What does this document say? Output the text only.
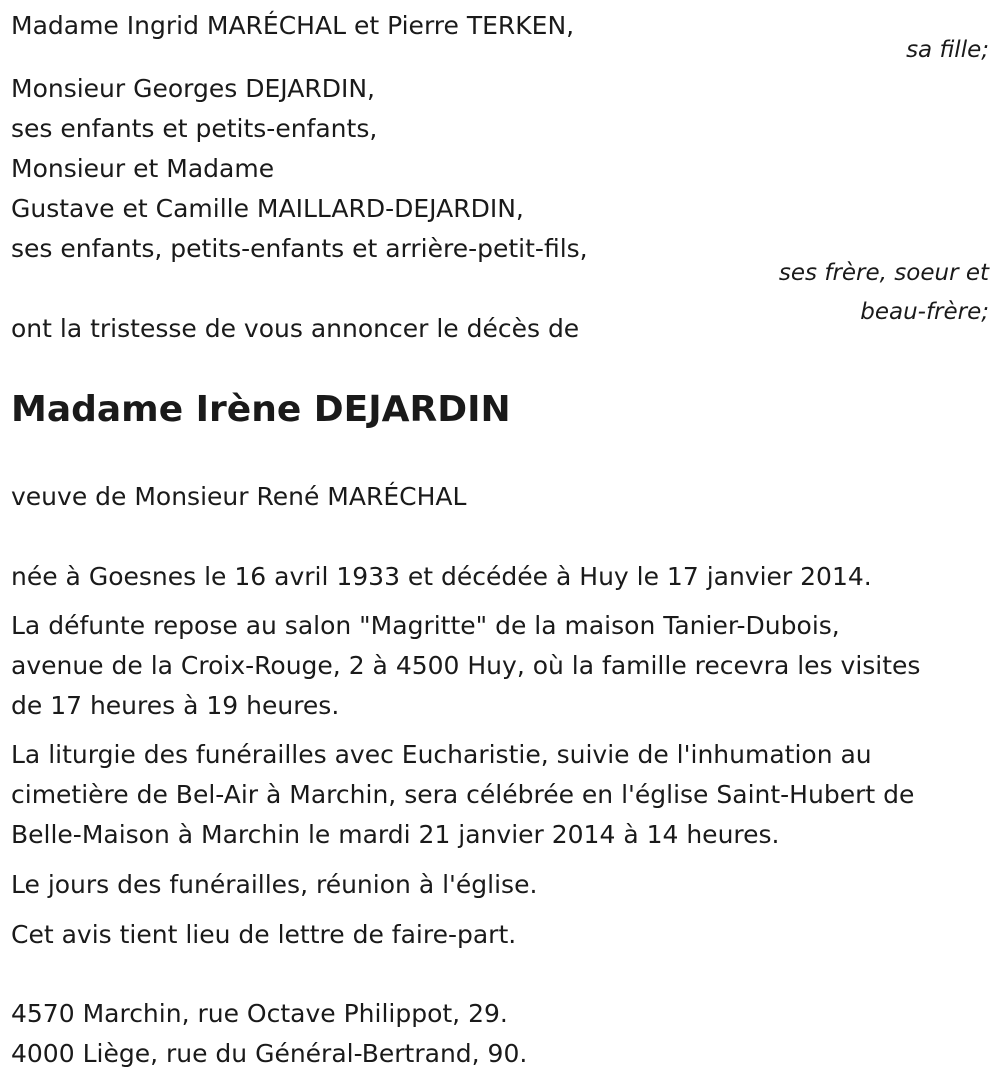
Madame Ingrid MARÉCHAL et Pierre TERKEN,
sa fille;
Monsieur Georges DEJARDIN,
ses enfants et petits-enfants,
Monsieur et Madame
Gustave et Camille MAILLARD-DEJARDIN,
ses enfants, petits-enfants et arrière-petit-fils,
ses frère, soeur et
beau-frère;
ont la tristesse de vous annoncer le décès de
Madame Irène DEJARDIN
veuve de Monsieur René MARÉCHAL
née à Goesnes le 16 avril 1933 et décédée à Huy le 17 janvier 2014.
La défunte repose au salon "Magritte" de la maison Tanier-Dubois,
avenue de la Croix-Rouge, 2 à 4500 Huy, où la famille recevra les visites
de 17 heures à 19 heures.
La liturgie des funérailles avec Eucharistie, suivie de l'inhumation au
cimetière de Bel-Air à Marchin, sera célébrée en l'église Saint-Hubert de
Belle-Maison à Marchin le mardi 21 janvier 2014 à 14 heures.
Le jours des funérailles, réunion à l'église.
Cet avis tient lieu de lettre de faire-part.
4570 Marchin, rue Octave Philippot, 29.
4000 Liège, rue du Général-Bertrand, 90.
